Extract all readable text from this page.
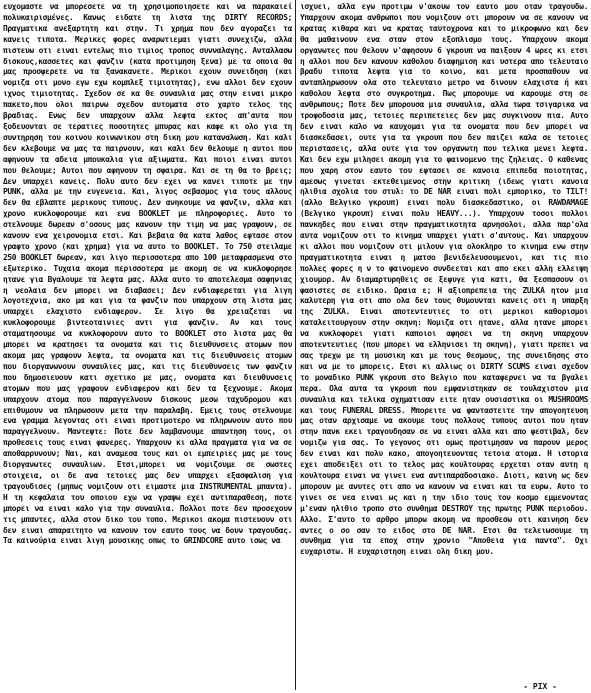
ευχομαστε να μπορεσετε να τη χρησιμοποιησετε και να παρακαιεί πολυκαιρισμένες. Κανως ειδατε τη λιστα της DIRTY RECORDS; Πραγματικα ανεξαρτητη και στην. Τι χρημα που δεν αγοραζει τα κανεις τιποτα. Μερικες φορες αναρωτιεμαι γιατι συνεχιζω, αλλα πιστευω οτι ειναι εντελως πιο τιμιος τροπος συνναλαγης. Ανταλλασω δισκους,κασσετες και φανζιν (κατα προτιμηση ξενα) με τα οποια θα μας προσφερετε να τα ξανακανετε. Μερικοι εχουν συνειδηση (και νομιζα οτι μονο εγω εχω κομπλεξ τιμιοτητας), ενω αλλοι δεν εχουν ιχνος τιμιοτητας. Σχεδον σε κα θε συναυλια μας στην ειναι μικρο πακετο,που ολοι παιρνω σχεδον αυτοματα στο χαρτο τελος της βραδιας. Ενως δεν υπαρχουν αλλα λεφτα εκτος απ'αυτα που ξοδευονται σε τερατιες ποσοτητες μπυρας και καφε κι ολο για τη συντηρηση του κοινου κοινωνικου στη δικη μου καταναλωση. Και καλι δεν κλεβουμε να μας τα παιρνουν, και καλι δεν θελουμε η αυτοι που αφηνουν τα αδεια μπουκαλια για αξιωματα. Και ποιοι ειναι αυτοι που θελουμε; Αυτοι που αφηνουν τη σφαιρα. Και σε τη θα το βρεις; Δεν υπαρχει κανεις. Πολυ αυτο δεν εχει να κανει τιποτε με την PUNK, αλλα με την ευγενεια. Και, λιγος σεβασμος για τους αλλους δεν θα εβλαπτε μερικους τυπους. Δεν ανηκουμε να φανζιν, αλλα και χρονο κυκλοφορουμε και ενα BOOKLET με πληροφοριες. Αυτο το στελνουμε δωρεαν σ'οσους μας κανουν την τιμη να μας γραψουν, σε κανουν ενα χειρονομια ετσι. Και βεβαια θα κατα λαθος εφτασε στον γραφτο χρονο (και χρημα) για να αυτο το BOOKLET. Το 750 στειλαμε 250 BOOKLET δωρεαν, και λιγο περισσοτερα απο 100 μεταφρασμενα στο εξωτερικο. Τυχαια ακομα περισσοτερα με ακομη σε να κυκλοφορησε ητανε για Βγαλουμε τα λεφτα μας. Αλλα αυτο το αποτελεσμα σαφηνιας η νεολαια δεν μπορει να διαβασει; Δεν ενδιαφερεται για λιγη λογοτεχνια, ακο μα και για τα φανζιν που υπαρχουν στη λιστα μας υπαρχει ελαχιστο ενδιαφερον. Σε λιγο θα χρειαζεται να κυκλοφορουμε βιντεοταινιες αντι για φανζιν. Αν και τους σταματησουμε να κυκλοφορουν αυτο το BOOKLET στο λιστα μας θα μπορει να κρατησει τα ονοματα και τις διευθυνσεις ατομων που ακομα μας γραφουν λεφτα, τα ονοματα και τις διευθυνσεις ατομων που διοργανωνουν συναυλιες μας, και τις διευθυνσεις των φανζιν που δημοσιευουν κατι σχετικο με μας, ονοματα και διευθυνσεις ατομων που μας γραφουν ενδιαφερον και δεν τα ξεχνουμε. Ακομα υπαρχουν ατομα που παραγγελνουν δισκους μεσω ταχυδρομου και επιθυμουν να πληρωσουν μετα την παραλαβη. Εμεις τους στελνουμε ενα γραμμα λεγοντας οτι ειναι προτιμοτερο να πληρωνουν αυτο που παραγγελνουν. Μαντεψτε: Ποτε δεν λαμβανουμε απαντηση τους, οι προθεσεις τους ειναι φανερες. Υπαρχουν κι αλλα πραγματα για να σε αποθαρρυνουν; Ναι, και αναμεσα τους και οι εμπειριες μας με τους διοργανωτες συναυλιων. Ετσι,μπορει να νομιζουμε σε σωστες στοιχεια, οι δε ανα τετοιες μας δεν υπαρχει εξασφαλιση για τραγουδισες (μηπως νομιζουν οτι ειμαστε μια INSTRUMENTAL μπαντα). Η τη κεφαλαια του οποιου εχω να γραψω εχει αντιπαραθεση, ποτε μπορει να ειναι καλο για την συναυλια. Πολλοι ποτε δεν προσεχουν τις μπαντες, αλλα στον δικο του τοπο. Μερικοι ακομα πιστευουν οτι δεν ειναι απαραιτητο να κανουν τον εαυτο τους να δουν τραγουδας. Τα καινούρια ειναι λιγη μουσικης οπως το GRINDCORE αυτο ισως να

ισχυει, αλλα εγω προτιμω ν'ακουω τον εαυτο μου οταν τραγουδω. Υπαρχουν ακομα ανθρωποι που νομιζουν οτι μπορουν να σε κανουν να κρατας κιθαρα και να κρατας ταυτοχρονα και το μικροφωνο και δεν θα μαθαινουν ενα σταν στον εξοπλισμο τους. Υπαρχουν ακομα οργανωτες που θελουν ν'αφησουν 6 γκρουπ να παιξουν 4 ωρες κι ετσι η αλλοι που δεν κανουν καθολου διαφημιση και υστερα απο τελευταιο βραδυ τιποτα λεφτα για το κοινο, και μετα προσπαθουν να ανταπληρωσουν ολα στο τελευταιο μετρο να δινουν ελαχιστα ή και καθολου λεφτα στο συγκροτημα. Πως μπορουμε να καρουμε στη σε ανθρωπους; Ποτε δεν μπορουσα μια συναυλια, αλλα τωρα τσιγαρικα να τροφοδοσια μας, τετοιες περιπετειες δεν μας συγκινουν πια. Αυτο δεν ειναι καλο να καυχομαι για τα ονοματα που δεν μπορει να διασκεδασει, ουτε για τα γκρουπ που δεν παιζει καλα σε τετοιες περιστασεις, αλλα ουτε για τον οργανωτη που τελικα μενει λεφτα. Και δεν εχω μιλησει ακομη για το φαινομενο της ζηλειας. Ο καθενας που χαρη στον εαυτο του εφτασει σε κανοια επιπεδα ποιοτητας, αμεσως γινεται εκτεθειμενος στην κριτικη (ιδεως γιατι κανοια ηλιθια σχολια του στυλ: το DE NAR ειναι πολι εμπορικο, το TILT! (αλλο Βελγικο γκρουπ) ειναι πολυ διασκεδαστικο, οι RAWDAMAGE (Βελγικο γκρουπ) ειναι πολυ HEAVY...). Υπαρχουν τοσοι πολλοι πανκηδες που ειναι στην πραγματικοτητα αρνησολοι, αλλα παρ'ολα αυτα νομιζουν οτι το κινημα υπαρχει γιατι σ'αυτους. Και υπαρχουν κι αλλοι που νομιζουν οτι μιλουν για ολοκληρο το κινημα ενω στην πραγματικοτητα ειναι η ματσο βενιδελευσουμενοι, και τις πιο πολλες φορες η ν το φαινομενο συνδεεται και απο εκει αλλη ελλειψη χιουμορ. Αν διαμαρτυρηθεις σε ξεφυγε για κατι, θα ξεσπασουν οι φασιστες σε ειδικο. Ωραια ε; Η αξιοπρεπεια της ZULKA ητον μια καλυτερη για οτι απο ολα δεν τους θυμουνται κανεις οτι η υπαρξη της ZULKA. Ειναι αποτεντευτιες το οτι μερικοι καθορισμοι καταλειτουργουν στην σκηνη: Νομιζα οτι ητανε, αλλα ητανε μπορει να κυκλοφορει γιατι καποιοι αφησει να τη σκηνη υπαρχουν αποτεντευτιες (που μπορει να ελληνισει τη σκηνη), γιατι πρεπει να σας τρεχω με τη μουσικη και με τους θεσμους, της συνειδησης στο και να με το μπορεις. Ετσι κι αλλιως οι DIRTY SCUMS ειναι σχεδον το μοναδικο PUNK γκρουπ στο Βελγιο που καταφερνει να τα βγαλει περα. Ολα αυτα τα γκρουπ που εμφανιστηκαν σε τουλαχιστον μια συναυλια και τελικα σχηματισαν ειτε ηταν ουσιαστικα οι MUSHROOMS και τους FUNERAL DRESS. Μπορειτε να φανταστειτε την απογοητευση μας οταν αρχισαμε να ακουμε τους πολλους τυπους αυτοι που ηταν στην πανκ εκει τραγουδησαν σε να ειναι αλλα και απο φεστιβαλ, δεν νομιζω για σας. Το γεγονος οτι ομως προτιμησαν να παρουν μερος δεν ειναι και πολυ κακο, απογοητευοντας τετοια ατομα. Η ιστορια εχει αποδειξει οτι το τελος μας κουλτουρας ερχεται οταν αυτη η κουλτουρα ειναι να γινει ενα αντιπαραδοσιακο. Διοτι, καινη ως δεν μπορουν με ανυτες οτι απο να κανουν να ειναι και τα ευρω. Αυτο το γινει σε νεα ειναι ως και η την ιδιο τους τον κοσμο εμμενοντας μ'εναν ηλιθιο τροπο στο συνθημα DESTROY της πρωτης PUNK περιοδου. Αλλο. Σ'αυτο το αρθρο μπορω ακομη να προσθεσω οτι καινηση δεν αντες ο σο σαν το ειδος στο DE NAR. Ετσι θα τελειωσουμε τη συνθημα για τα εποχ στην χρονιο "Αποθεια για παντα". Οχι ευχαριστω. Η ευχαριστηση ειναι ολη δικη μου.

- PIX -
